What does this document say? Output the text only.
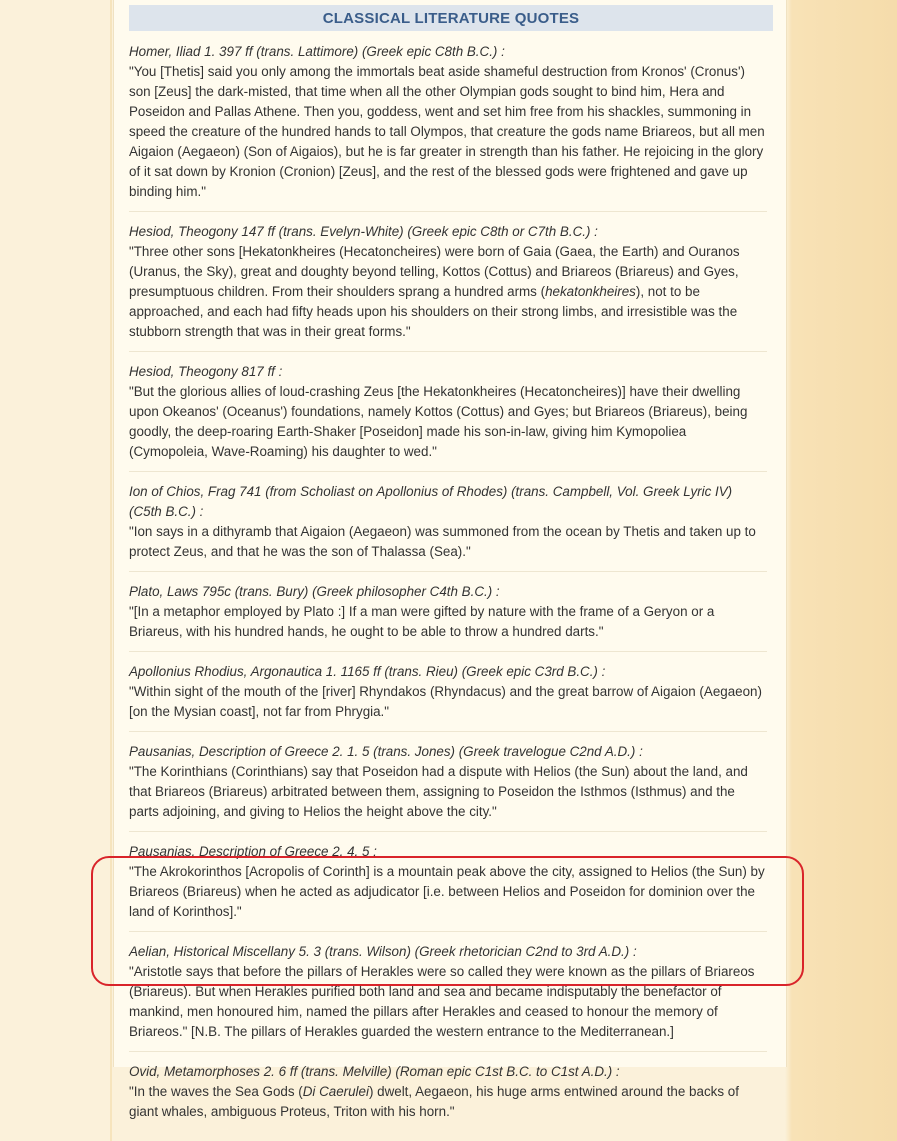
CLASSICAL LITERATURE QUOTES
Homer, Iliad 1. 397 ff (trans. Lattimore) (Greek epic C8th B.C.) :
"You [Thetis] said you only among the immortals beat aside shameful destruction from Kronos' (Cronus') son [Zeus] the dark-misted, that time when all the other Olympian gods sought to bind him, Hera and Poseidon and Pallas Athene. Then you, goddess, went and set him free from his shackles, summoning in speed the creature of the hundred hands to tall Olympos, that creature the gods name Briareos, but all men Aigaion (Aegaeon) (Son of Aigaios), but he is far greater in strength than his father. He rejoicing in the glory of it sat down by Kronion (Cronion) [Zeus], and the rest of the blessed gods were frightened and gave up binding him."
Hesiod, Theogony 147 ff (trans. Evelyn-White) (Greek epic C8th or C7th B.C.) :
"Three other sons [Hekatonkheires (Hecatoncheires) were born of Gaia (Gaea, the Earth) and Ouranos (Uranus, the Sky), great and doughty beyond telling, Kottos (Cottus) and Briareos (Briareus) and Gyes, presumptuous children. From their shoulders sprang a hundred arms (hekatonkheires), not to be approached, and each had fifty heads upon his shoulders on their strong limbs, and irresistible was the stubborn strength that was in their great forms."
Hesiod, Theogony 817 ff :
"But the glorious allies of loud-crashing Zeus [the Hekatonkheires (Hecatoncheires)] have their dwelling upon Okeanos' (Oceanus') foundations, namely Kottos (Cottus) and Gyes; but Briareos (Briareus), being goodly, the deep-roaring Earth-Shaker [Poseidon] made his son-in-law, giving him Kymopoliea (Cymopoleia, Wave-Roaming) his daughter to wed."
Ion of Chios, Frag 741 (from Scholiast on Apollonius of Rhodes) (trans. Campbell, Vol. Greek Lyric IV) (C5th B.C.) :
"Ion says in a dithyramb that Aigaion (Aegaeon) was summoned from the ocean by Thetis and taken up to protect Zeus, and that he was the son of Thalassa (Sea)."
Plato, Laws 795c (trans. Bury) (Greek philosopher C4th B.C.) :
"[In a metaphor employed by Plato :] If a man were gifted by nature with the frame of a Geryon or a Briareus, with his hundred hands, he ought to be able to throw a hundred darts."
Apollonius Rhodius, Argonautica 1. 1165 ff (trans. Rieu) (Greek epic C3rd B.C.) :
"Within sight of the mouth of the [river] Rhyndakos (Rhyndacus) and the great barrow of Aigaion (Aegaeon) [on the Mysian coast], not far from Phrygia."
Pausanias, Description of Greece 2. 1. 5 (trans. Jones) (Greek travelogue C2nd A.D.) :
"The Korinthians (Corinthians) say that Poseidon had a dispute with Helios (the Sun) about the land, and that Briareos (Briareus) arbitrated between them, assigning to Poseidon the Isthmos (Isthmus) and the parts adjoining, and giving to Helios the height above the city."
Pausanias, Description of Greece 2. 4. 5 :
"The Akrokorinthos [Acropolis of Corinth] is a mountain peak above the city, assigned to Helios (the Sun) by Briareos (Briareus) when he acted as adjudicator [i.e. between Helios and Poseidon for dominion over the land of Korinthos]."
Aelian, Historical Miscellany 5. 3 (trans. Wilson) (Greek rhetorician C2nd to 3rd A.D.) :
"Aristotle says that before the pillars of Herakles were so called they were known as the pillars of Briareos (Briareus). But when Herakles purified both land and sea and became indisputably the benefactor of mankind, men honoured him, named the pillars after Herakles and ceased to honour the memory of Briareos." [N.B. The pillars of Herakles guarded the western entrance to the Mediterranean.]
Ovid, Metamorphoses 2. 6 ff (trans. Melville) (Roman epic C1st B.C. to C1st A.D.) :
"In the waves the Sea Gods (Di Caerulei) dwelt, Aegaeon, his huge arms entwined around the backs of giant whales, ambiguous Proteus, Triton with his horn."
